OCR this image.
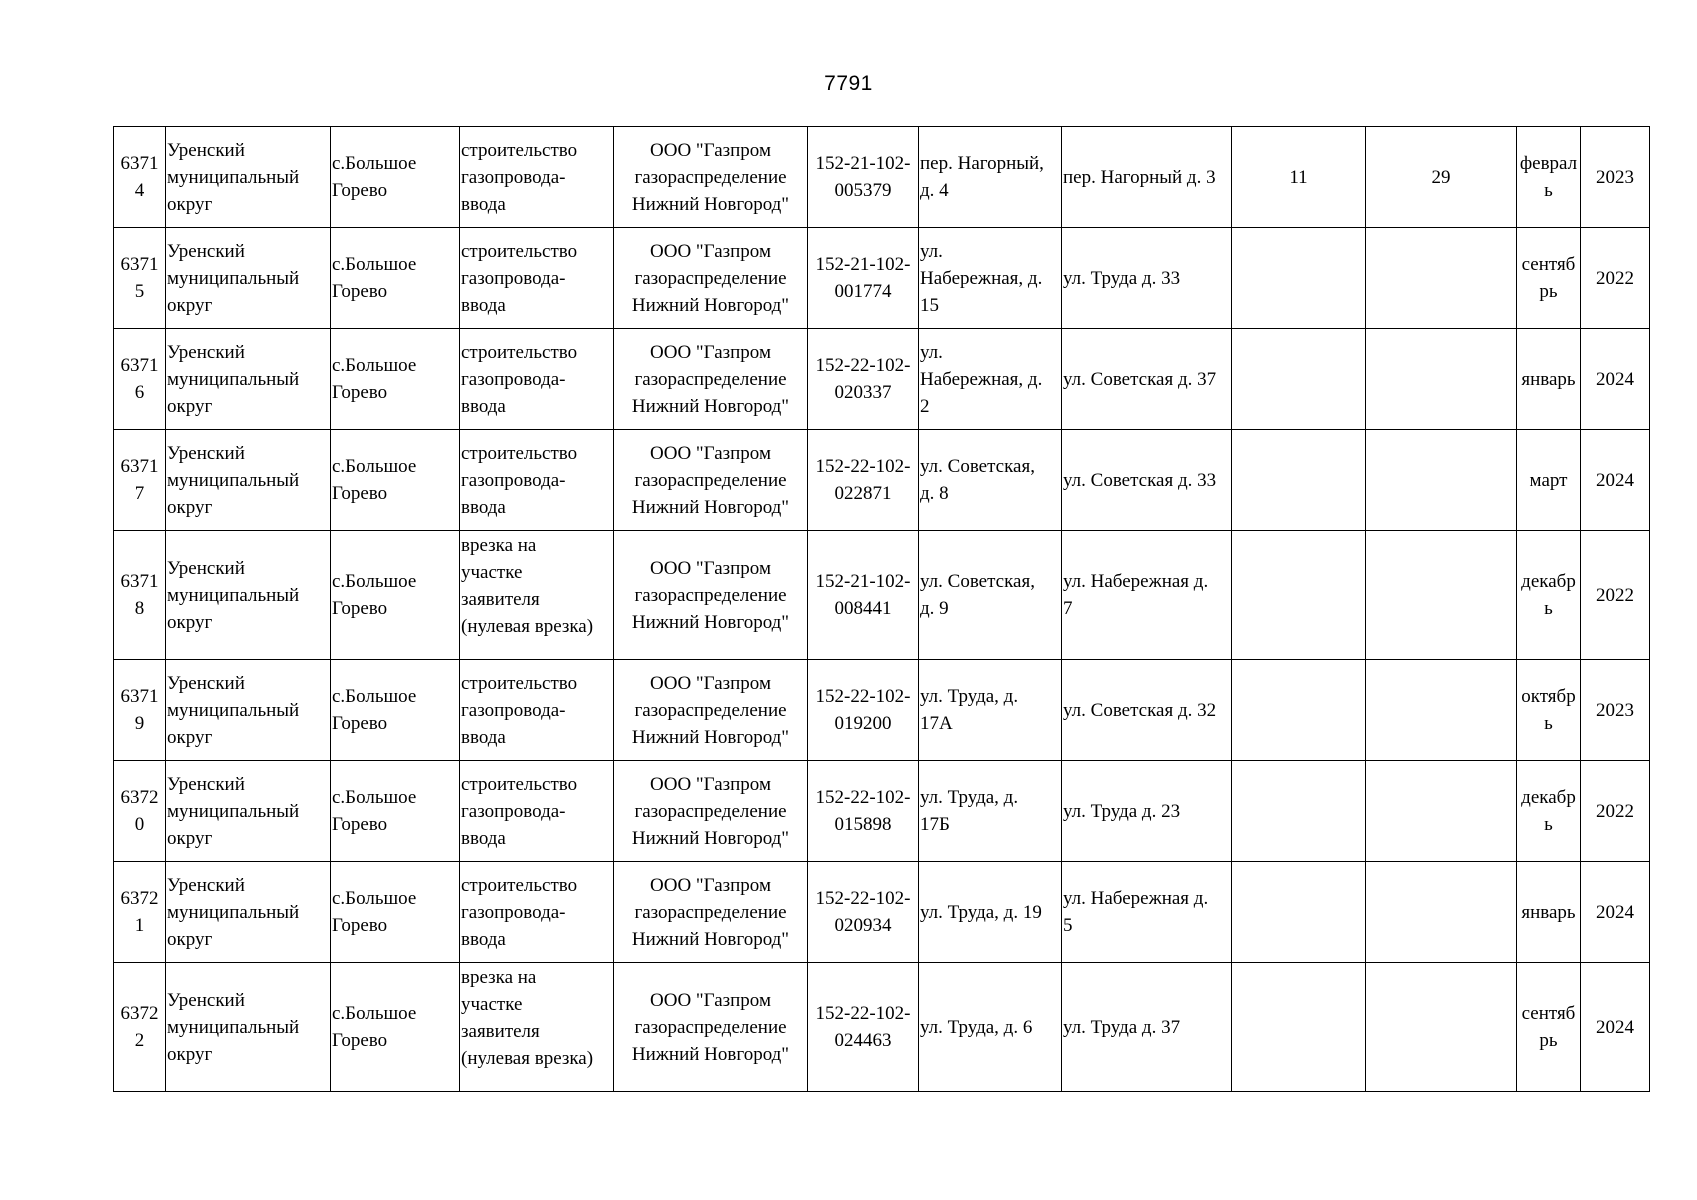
7791
6371
4	Уренский
муниципальный
округ	с.Большое
Горево	строительство
газопровода-
ввода	ООО "Газпром
газораспределение
Нижний Новгород"	152-21-102-
005379	пер. Нагорный,
д. 4	пер. Нагорный д. 3	11	29	феврал
ь	2023

6371
5	Уренский
муниципальный
округ	с.Большое
Горево	строительство
газопровода-
ввода	ООО "Газпром
газораспределение
Нижний Новгород"	152-21-102-
001774	ул.
Набережная, д.
15	ул. Труда д. 33			сентяб
рь	2022

6371
6	Уренский
муниципальный
округ	с.Большое
Горево	строительство
газопровода-
ввода	ООО "Газпром
газораспределение
Нижний Новгород"	152-22-102-
020337	ул.
Набережная, д.
2	ул. Советская д. 37			январь	2024

6371
7	Уренский
муниципальный
округ	с.Большое
Горево	строительство
газопровода-
ввода	ООО "Газпром
газораспределение
Нижний Новгород"	152-22-102-
022871	ул. Советская,
д. 8	ул. Советская д. 33			март	2024

6371
8	Уренский
муниципальный
округ	с.Большое
Горево	врезка на
участке
заявителя
(нулевая врезка)	ООО "Газпром
газораспределение
Нижний Новгород"	152-21-102-
008441	ул. Советская,
д. 9	ул. Набережная д.
7			декабр
ь	2022

6371
9	Уренский
муниципальный
округ	с.Большое
Горево	строительство
газопровода-
ввода	ООО "Газпром
газораспределение
Нижний Новгород"	152-22-102-
019200	ул. Труда, д.
17А	ул. Советская д. 32			октябр
ь	2023

6372
0	Уренский
муниципальный
округ	с.Большое
Горево	строительство
газопровода-
ввода	ООО "Газпром
газораспределение
Нижний Новгород"	152-22-102-
015898	ул. Труда, д.
17Б	ул. Труда д. 23			декабр
ь	2022

6372
1	Уренский
муниципальный
округ	с.Большое
Горево	строительство
газопровода-
ввода	ООО "Газпром
газораспределение
Нижний Новгород"	152-22-102-
020934	ул. Труда, д. 19	ул. Набережная д.
5			январь	2024

6372
2	Уренский
муниципальный
округ	с.Большое
Горево	врезка на
участке
заявителя
(нулевая врезка)	ООО "Газпром
газораспределение
Нижний Новгород"	152-22-102-
024463	ул. Труда, д. 6	ул. Труда д. 37			сентяб
рь	2024
